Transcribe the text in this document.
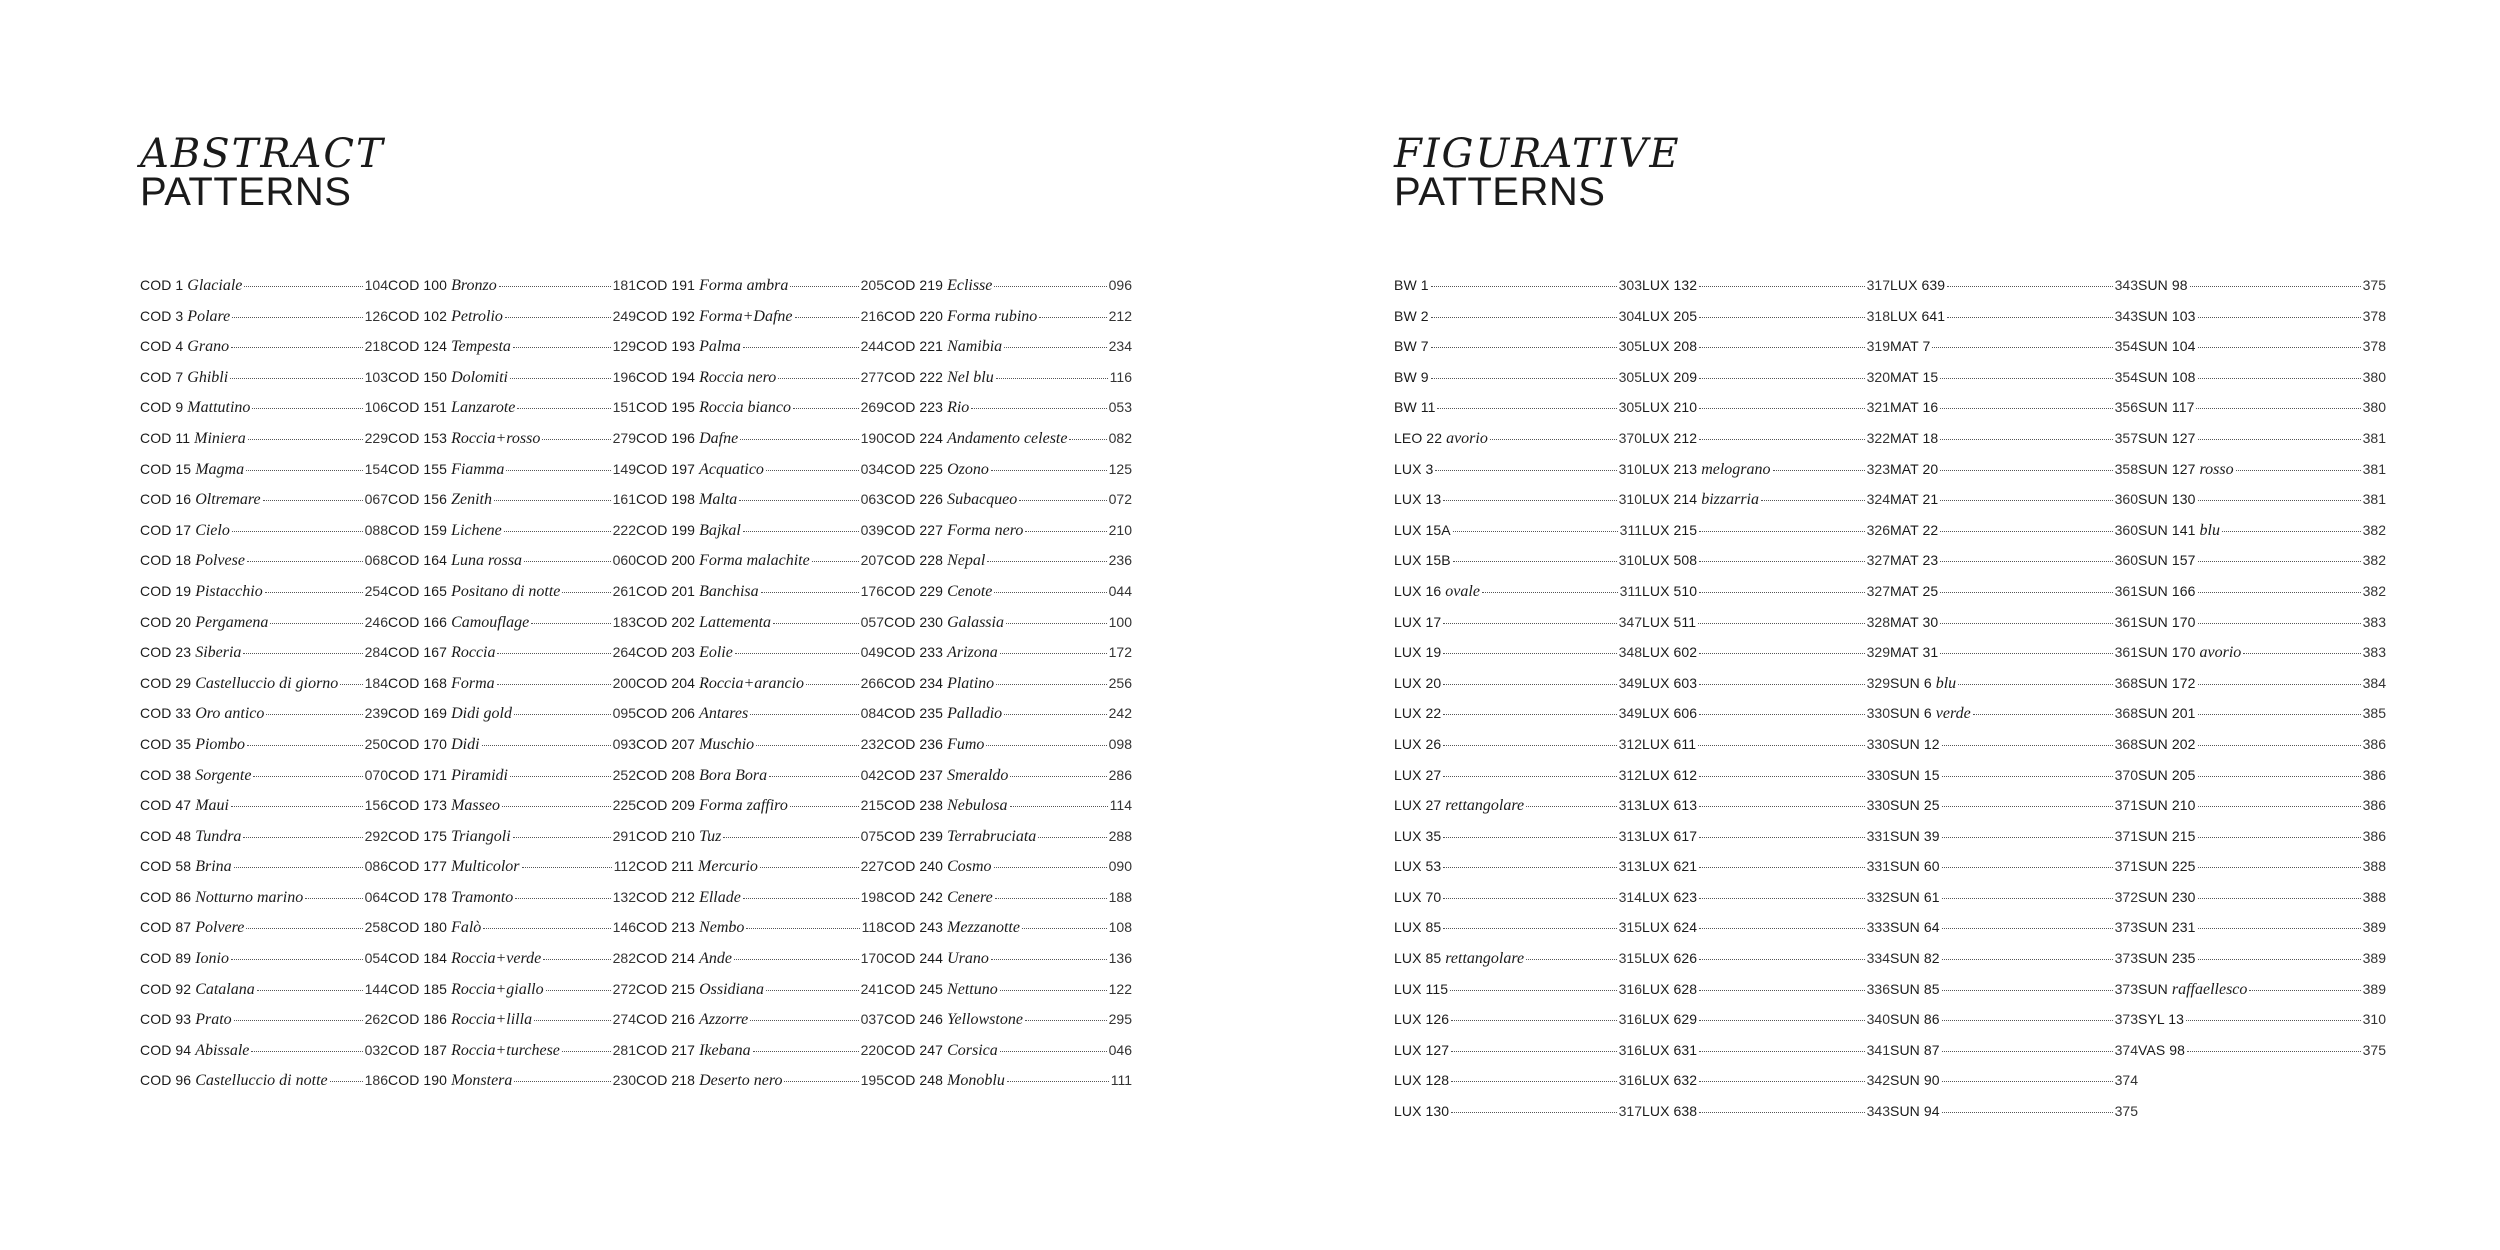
ABSTRACT
PATTERNS
COD 1 Glaciale	104
COD 3 Polare	126
COD 4 Grano	218
COD 7 Ghibli	103
COD 9 Mattutino	106
COD 11 Miniera	229
COD 15 Magma	154
COD 16 Oltremare	067
COD 17 Cielo	088
COD 18 Polvese	068
COD 19 Pistacchio	254
COD 20 Pergamena	246
COD 23 Siberia	284
COD 29 Castelluccio di giorno 184
COD 33 Oro antico	239
COD 35 Piombo	250
COD 38 Sorgente	070
COD 47 Maui	156
COD 48 Tundra	292
COD 58 Brina	086
COD 86 Notturno marino	064
COD 87 Polvere	258
COD 89 Ionio	054
COD 92 Catalana	144
COD 93 Prato	262
COD 94 Abissale	032
COD 96 Castelluccio di notte	186
COD 100 Bronzo	181
COD 102 Petrolio	249
COD 124 Tempesta	129
COD 150 Dolomiti	196
COD 151 Lanzarote	151
COD 153 Roccia+rosso	279
COD 155 Fiamma	149
COD 156 Zenith	161
COD 159 Lichene	222
COD 164 Luna rossa	060
COD 165 Positano di notte	261
COD 166 Camouflage	183
COD 167 Roccia	264
COD 168 Forma	200
COD 169 Didi gold	095
COD 170 Didi	093
COD 171 Piramidi	252
COD 173 Masseo	225
COD 175 Triangoli	291
COD 177 Multicolor	112
COD 178 Tramonto	132
COD 180 Falò	146
COD 184 Roccia+verde	282
COD 185 Roccia+giallo	272
COD 186 Roccia+lilla	274
COD 187 Roccia+turchese	281
COD 190 Monstera	230
COD 191 Forma ambra	205
COD 192 Forma+Dafne	216
COD 193 Palma	244
COD 194 Roccia nero	277
COD 195 Roccia bianco	269
COD 196 Dafne	190
COD 197 Acquatico	034
COD 198 Malta	063
COD 199 Bajkal	039
COD 200 Forma malachite	207
COD 201 Banchisa	176
COD 202 Lattementa	057
COD 203 Eolie	049
COD 204 Roccia+arancio	266
COD 206 Antares	084
COD 207 Muschio	232
COD 208 Bora Bora	042
COD 209 Forma zaffiro	215
COD 210 Tuz	075
COD 211 Mercurio	227
COD 212 Ellade	198
COD 213 Nembo	118
COD 214 Ande	170
COD 215 Ossidiana	241
COD 216 Azzorre	037
COD 217 Ikebana	220
COD 218 Deserto nero	195
COD 219 Eclisse	096
COD 220 Forma rubino	212
COD 221 Namibia	234
COD 222 Nel blu	116
COD 223 Rio	053
COD 224 Andamento celeste	082
COD 225 Ozono	125
COD 226 Subacqueo	072
COD 227 Forma nero	210
COD 228 Nepal	236
COD 229 Cenote	044
COD 230 Galassia	100
COD 233 Arizona	172
COD 234 Platino	256
COD 235 Palladio	242
COD 236 Fumo	098
COD 237 Smeraldo	286
COD 238 Nebulosa	114
COD 239 Terrabruciata	288
COD 240 Cosmo	090
COD 242 Cenere	188
COD 243 Mezzanotte	108
COD 244 Urano	136
COD 245 Nettuno	122
COD 246 Yellowstone	295
COD 247 Corsica	046
COD 248 Monoblu	111
FIGURATIVE
PATTERNS
BW 1	303
BW 2	304
BW 7	305
BW 9	305
BW 11	305
LEO 22 avorio	370
LUX 3	310
LUX 13	310
LUX 15A	311
LUX 15B	310
LUX 16 ovale	311
LUX 17	347
LUX 19	348
LUX 20	349
LUX 22	349
LUX 26	312
LUX 27	312
LUX 27 rettangolare	313
LUX 35	313
LUX 53	313
LUX 70	314
LUX 85	315
LUX 85 rettangolare	315
LUX 115	316
LUX 126	316
LUX 127	316
LUX 128	316
LUX 130	317
LUX 132	317
LUX 205	318
LUX 208	319
LUX 209	320
LUX 210	321
LUX 212	322
LUX 213 melograno	323
LUX 214 bizzarria	324
LUX 215	326
LUX 508	327
LUX 510	327
LUX 511	328
LUX 602	329
LUX 603	329
LUX 606	330
LUX 611	330
LUX 612	330
LUX 613	330
LUX 617	331
LUX 621	331
LUX 623	332
LUX 624	333
LUX 626	334
LUX 628	336
LUX 629	340
LUX 631	341
LUX 632	342
LUX 638	343
LUX 639	343
LUX 641	343
MAT 7	354
MAT 15	354
MAT 16	356
MAT 18	357
MAT 20	358
MAT 21	360
MAT 22	360
MAT 23	360
MAT 25	361
MAT 30	361
MAT 31	361
SUN 6 blu	368
SUN 6 verde	368
SUN 12	368
SUN 15	370
SUN 25	371
SUN 39	371
SUN 60	371
SUN 61	372
SUN 64	373
SUN 82	373
SUN 85	373
SUN 86	373
SUN 87	374
SUN 90	374
SUN 94	375
SUN 98	375
SUN 103	378
SUN 104	378
SUN 108	380
SUN 117	380
SUN 127	381
SUN 127 rosso	381
SUN 130	381
SUN 141 blu	382
SUN 157	382
SUN 166	382
SUN 170	383
SUN 170 avorio	383
SUN 172	384
SUN 201	385
SUN 202	386
SUN 205	386
SUN 210	386
SUN 215	386
SUN 225	388
SUN 230	388
SUN 231	389
SUN 235	389
SUN raffaellesco	389
SYL 13	310
VAS 98	375
